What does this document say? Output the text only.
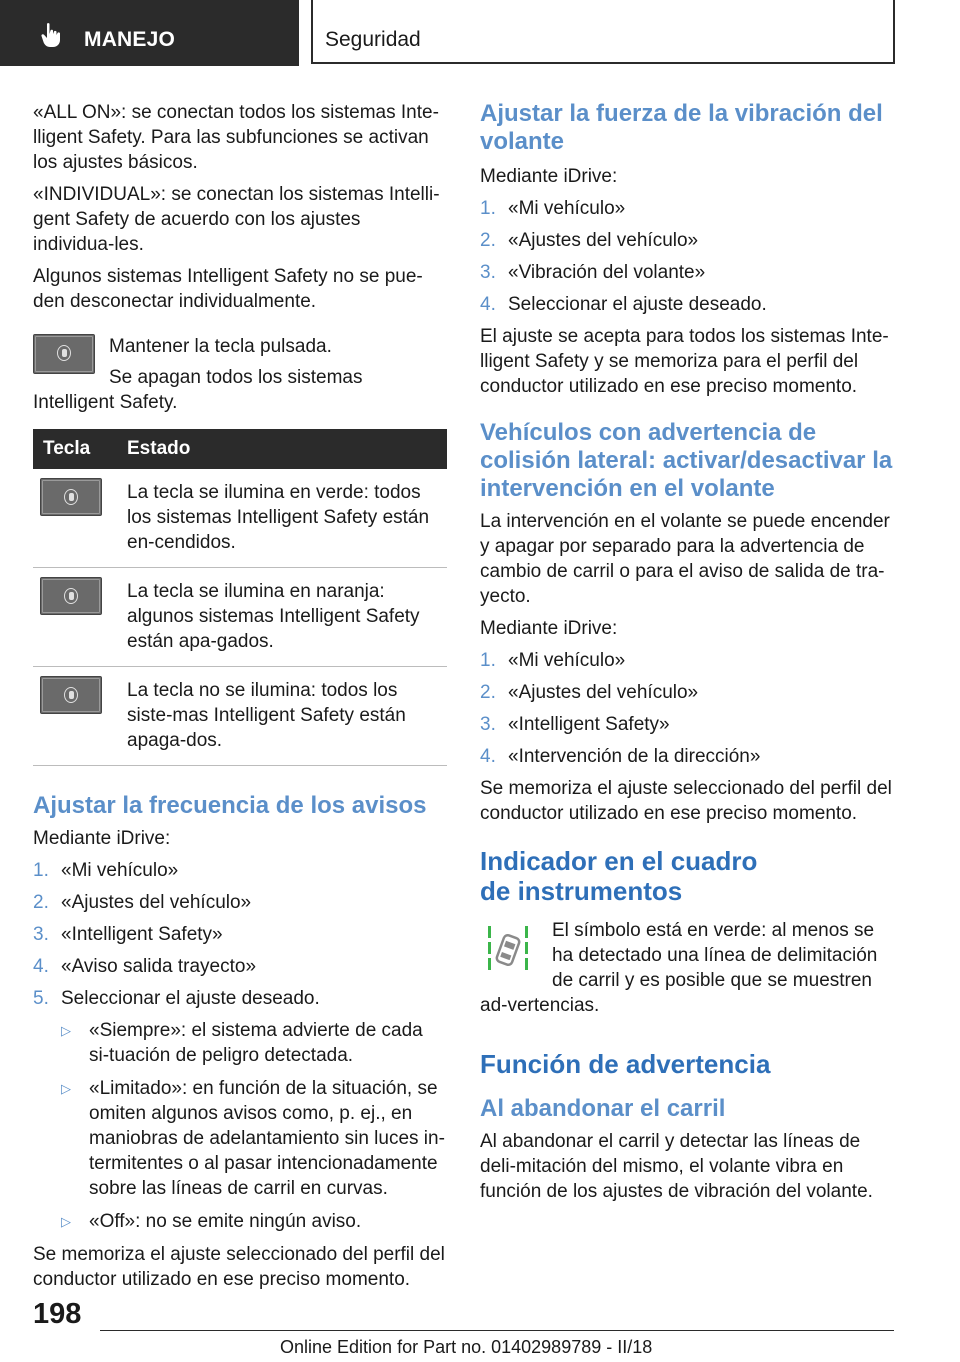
MANEJO	Seguridad

«ALL ON»: se conectan todos los sistemas Inte‐lligent Safety. Para las subfunciones se activan los ajustes básicos.

«INDIVIDUAL»: se conectan los sistemas Intelli‐gent Safety de acuerdo con los ajustes individua‐les.

Algunos sistemas Intelligent Safety no se pue‐den desconectar individualmente.

Mantener la tecla pulsada.

Se apagan todos los sistemas Intelligent Safety.

Tecla	Estado

	La tecla se ilumina en verde: todos los sistemas Intelligent Safety están en‐cendidos.

	La tecla se ilumina en naranja: algunos sistemas Intelligent Safety están apa‐gados.

	La tecla no se ilumina: todos los siste‐mas Intelligent Safety están apaga‐dos.
Ajustar la frecuencia de los avisos

Mediante iDrive:

1. «Mi vehículo»
2. «Ajustes del vehículo»
3. «Intelligent Safety»
4. «Aviso salida trayecto»
5. Seleccionar el ajuste deseado.
▷ «Siempre»: el sistema advierte de cada si‐tuación de peligro detectada.
▷ «Limitado»: en función de la situación, se omiten algunos avisos como, p. ej., en maniobras de adelantamiento sin luces in‐termitentes o al pasar intencionadamente sobre las líneas de carril en curvas.
▷ «Off»: no se emite ningún aviso.

Se memoriza el ajuste seleccionado del perfil del conductor utilizado en ese preciso momento.

Ajustar la fuerza de la vibración del volante

Mediante iDrive:

1. «Mi vehículo»
2. «Ajustes del vehículo»
3. «Vibración del volante»
4. Seleccionar el ajuste deseado.

El ajuste se acepta para todos los sistemas Inte‐lligent Safety y se memoriza para el perfil del conductor utilizado en ese preciso momento.

Vehículos con advertencia de colisión lateral: activar/desactivar la intervención en el volante

La intervención en el volante se puede encender y apagar por separado para la advertencia de cambio de carril o para el aviso de salida de tra‐yecto.

Mediante iDrive:

1. «Mi vehículo»
2. «Ajustes del vehículo»
3. «Intelligent Safety»
4. «Intervención de la dirección»

Se memoriza el ajuste seleccionado del perfil del conductor utilizado en ese preciso momento.

Indicador en el cuadro de instrumentos

El símbolo está en verde: al menos se ha detectado una línea de delimitación de carril y es posible que se muestren ad‐vertencias.

Función de advertencia
Al abandonar el carril

Al abandonar el carril y detectar las líneas de deli‐mitación del mismo, el volante vibra en función de los ajustes de vibración del volante.

198
Online Edition for Part no. 01402989789 - II/18
